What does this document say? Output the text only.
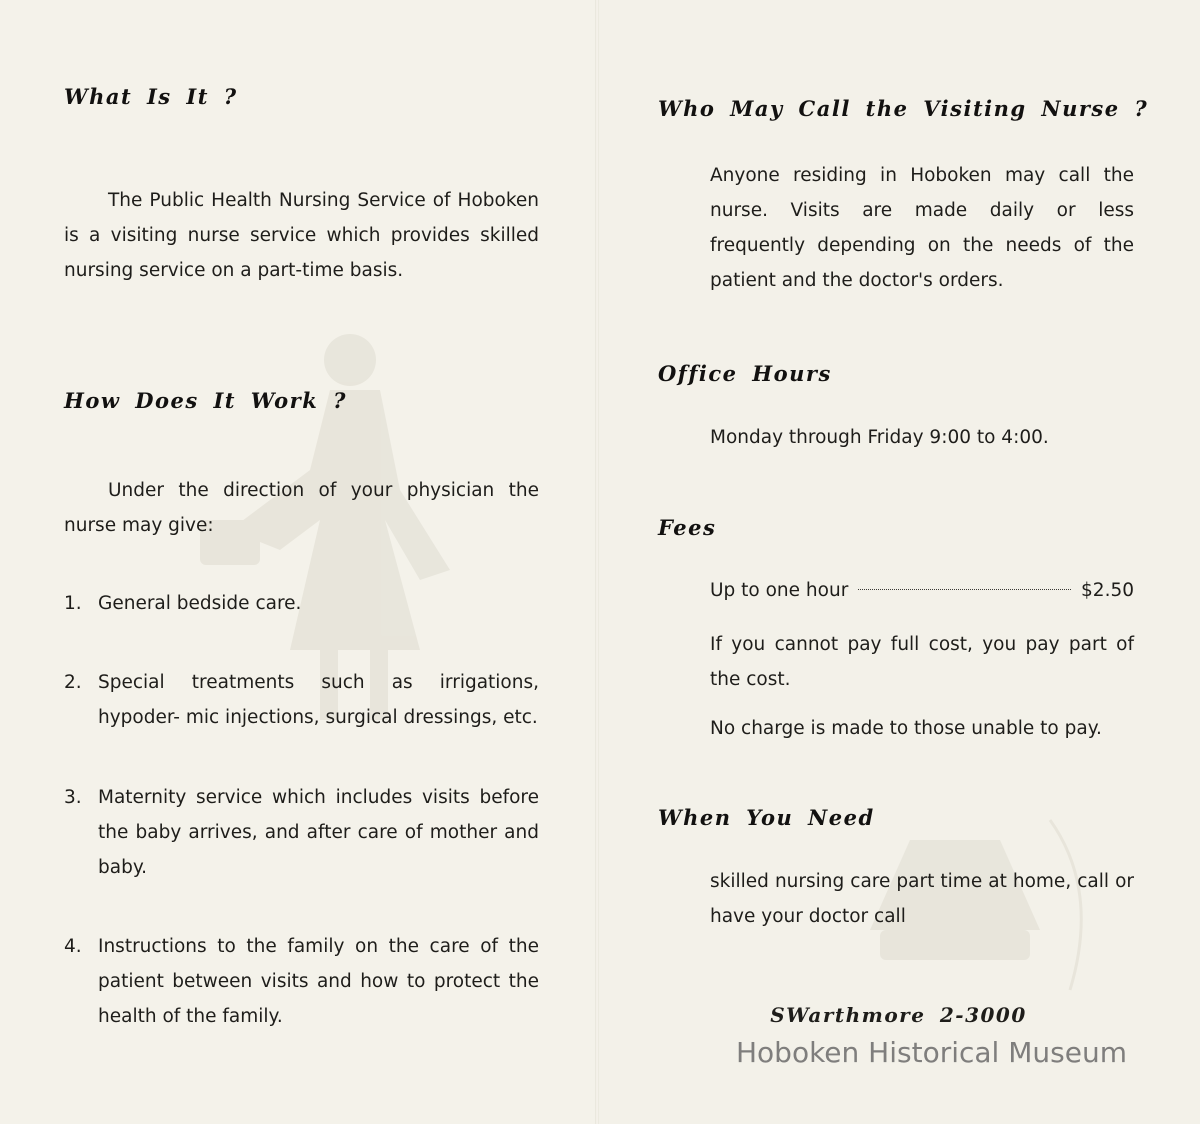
What Is It ?

The Public Health Nursing Service of Hoboken is a visiting nurse service which provides skilled nursing service on a part-time basis.

How Does It Work ?

Under the direction of your physician the nurse may give:

1. General bedside care.

2. Special treatments such as irrigations, hypoder- mic injections, surgical dressings, etc.

3. Maternity service which includes visits before the baby arrives, and after care of mother and baby.

4. Instructions to the family on the care of the patient between visits and how to protect the health of the family.

Who May Call the Visiting Nurse ?

Anyone residing in Hoboken may call the nurse. Visits are made daily or less frequently depending on the needs of the patient and the doctor's orders.

Office Hours

Monday through Friday 9:00 to 4:00.

Fees
Up to one hour	$2.50

If you cannot pay full cost, you pay part of the cost.

No charge is made to those unable to pay.

When You Need

skilled nursing care part time at home, call or have your doctor call

SWarthmore 2-3000
Hoboken Historical Museum
